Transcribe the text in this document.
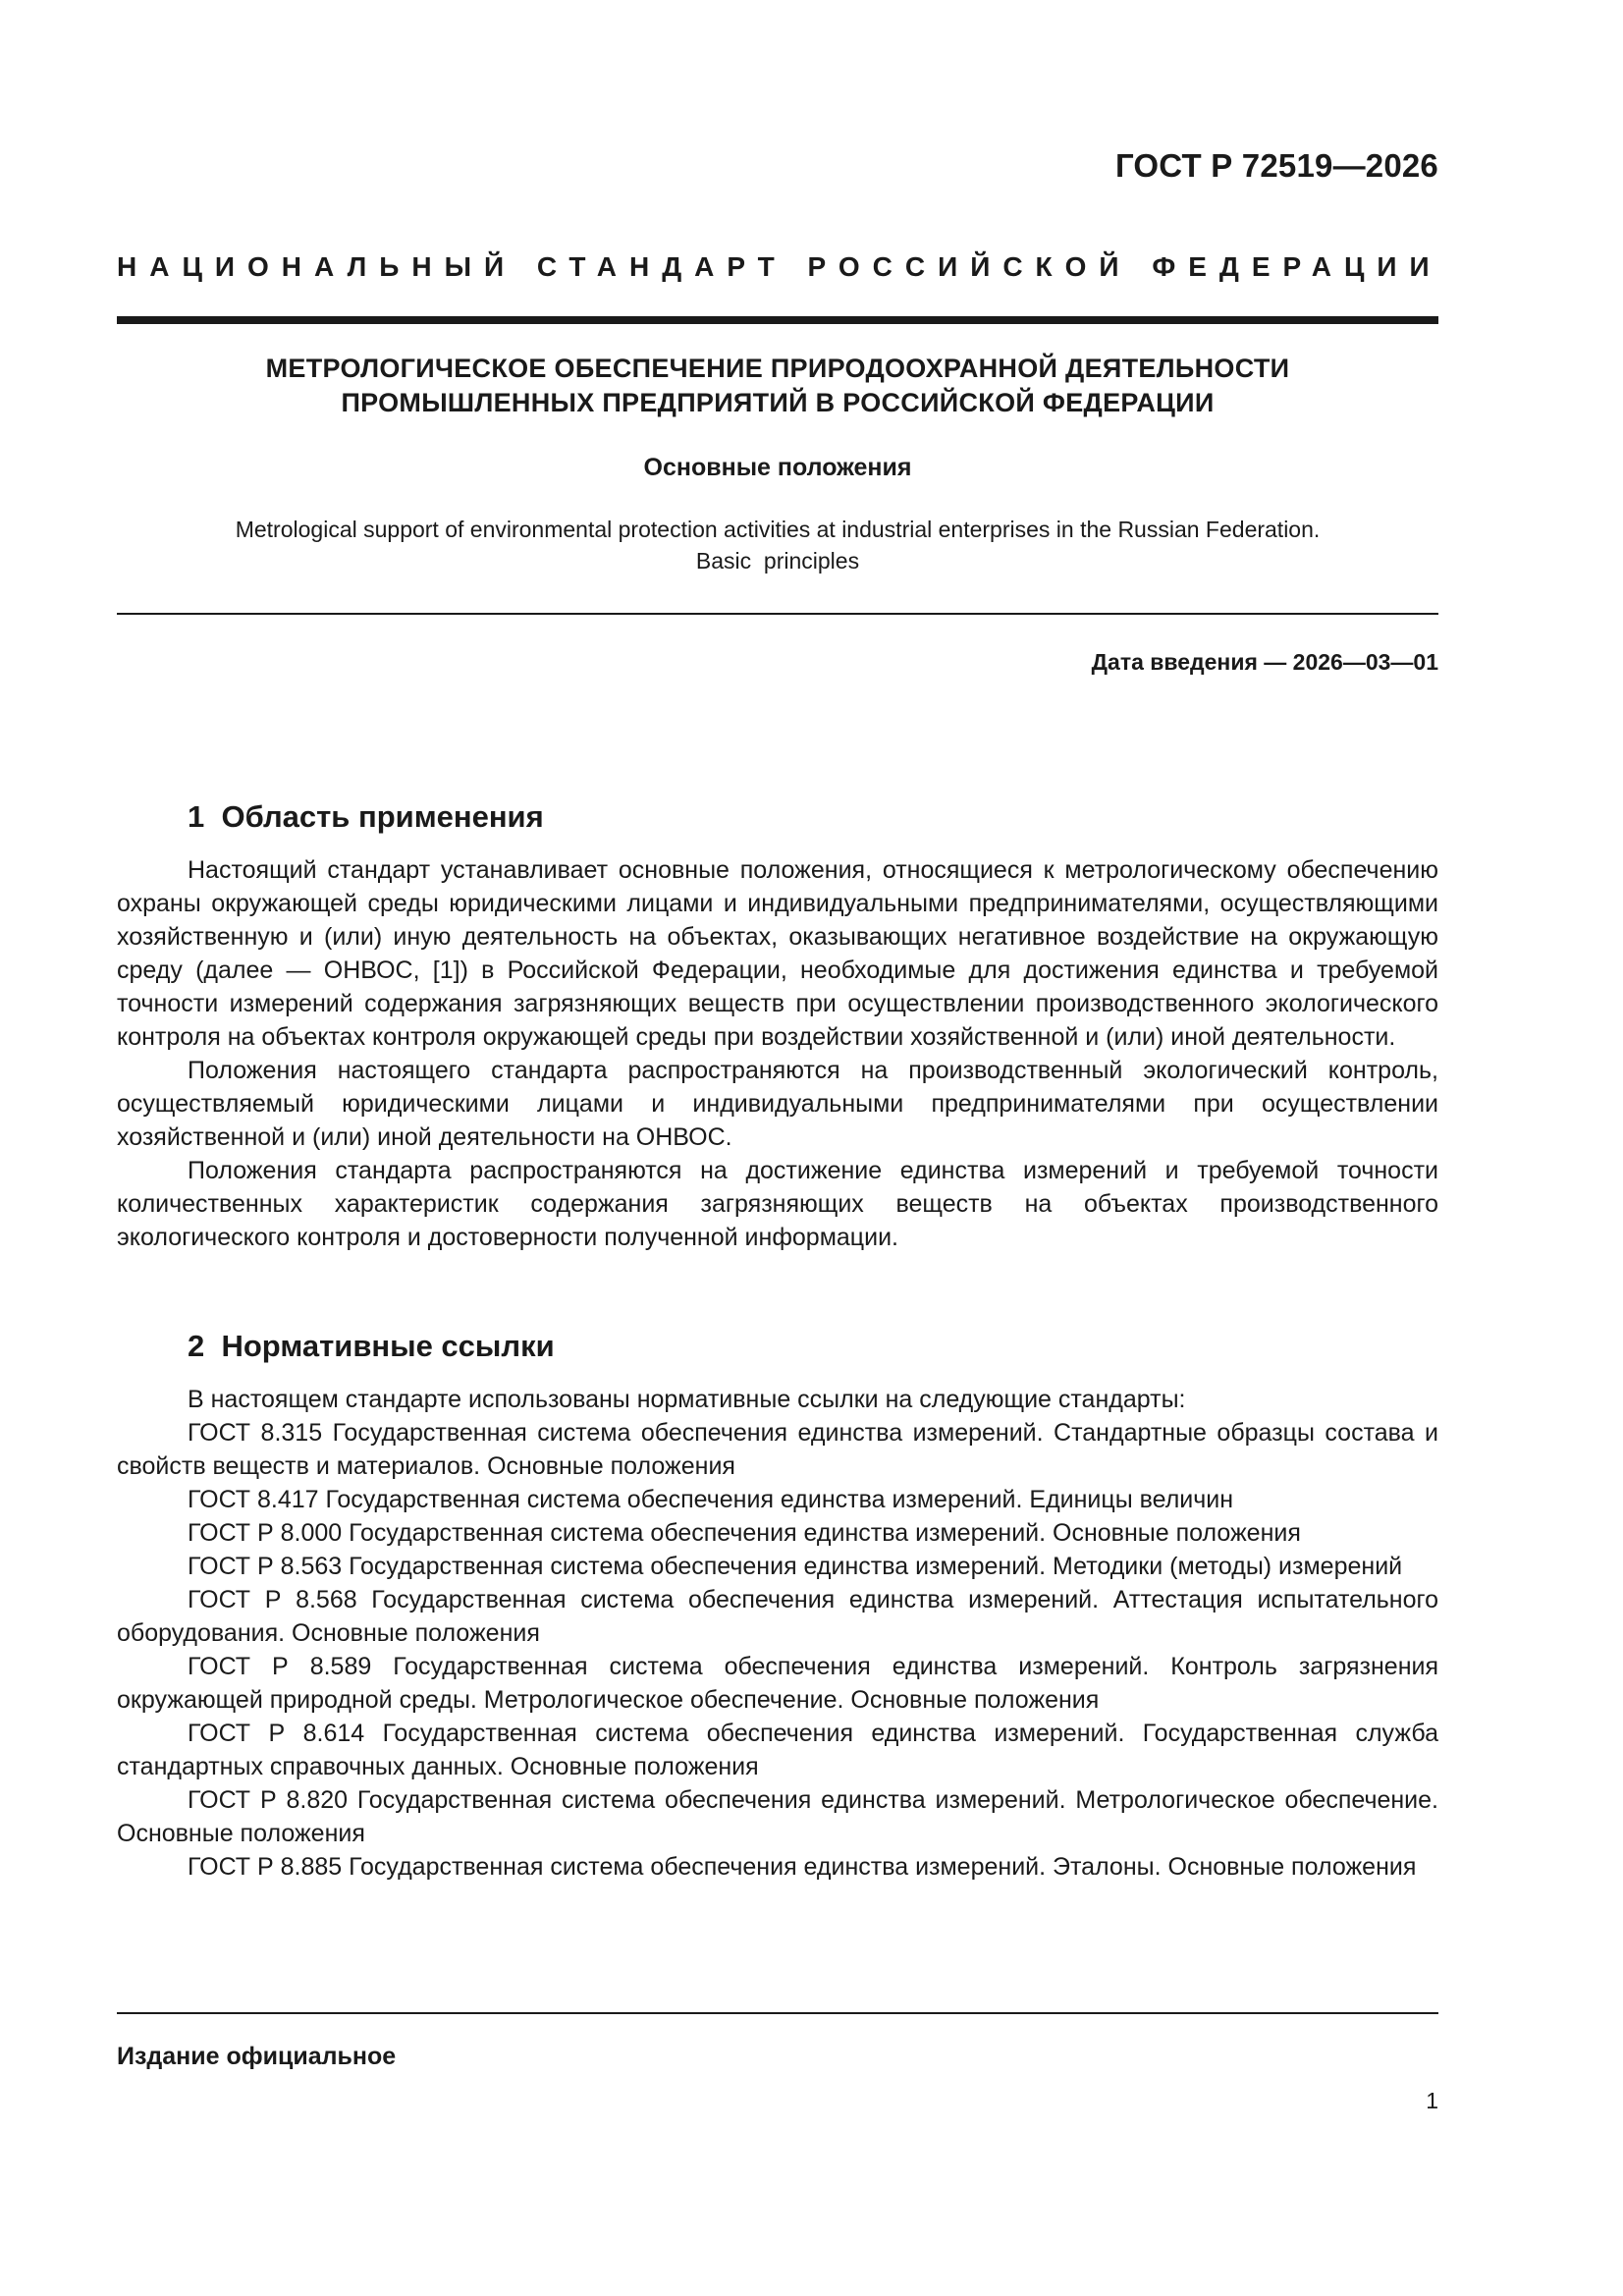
ГОСТ Р 72519—2026
НАЦИОНАЛЬНЫЙ СТАНДАРТ РОССИЙСКОЙ ФЕДЕРАЦИИ
МЕТРОЛОГИЧЕСКОЕ ОБЕСПЕЧЕНИЕ ПРИРОДООХРАННОЙ ДЕЯТЕЛЬНОСТИ
ПРОМЫШЛЕННЫХ ПРЕДПРИЯТИЙ В РОССИЙСКОЙ ФЕДЕРАЦИИ
Основные положения
Metrological support of environmental protection activities at industrial enterprises in the Russian Federation.
Basic  principles
Дата введения — 2026—03—01
1  Область применения

Настоящий стандарт устанавливает основные положения, относящиеся к метрологическому обеспечению охраны окружающей среды юридическими лицами и индивидуальными предпринимателями, осуществляющими хозяйственную и (или) иную деятельность на объектах, оказывающих негативное воздействие на окружающую среду (далее — ОНВОС, [1]) в Российской Федерации, необходимые для достижения единства и требуемой точности измерений содержания загрязняющих веществ при осуществлении производственного экологического контроля на объектах контроля окружающей среды при воздействии хозяйственной и (или) иной деятельности.

Положения настоящего стандарта распространяются на производственный экологический контроль, осуществляемый юридическими лицами и индивидуальными предпринимателями при осуществлении хозяйственной и (или) иной деятельности на ОНВОС.

Положения стандарта распространяются на достижение единства измерений и требуемой точности количественных характеристик содержания загрязняющих веществ на объектах производственного экологического контроля и достоверности полученной информации.

2  Нормативные ссылки

В настоящем стандарте использованы нормативные ссылки на следующие стандарты:

ГОСТ 8.315 Государственная система обеспечения единства измерений. Стандартные образцы состава и свойств веществ и материалов. Основные положения

ГОСТ 8.417 Государственная система обеспечения единства измерений. Единицы величин

ГОСТ Р 8.000 Государственная система обеспечения единства измерений. Основные положения

ГОСТ Р 8.563 Государственная система обеспечения единства измерений. Методики (методы) измерений

ГОСТ Р 8.568 Государственная система обеспечения единства измерений. Аттестация испытательного оборудования. Основные положения

ГОСТ Р 8.589 Государственная система обеспечения единства измерений. Контроль загрязнения окружающей природной среды. Метрологическое обеспечение. Основные положения

ГОСТ Р 8.614 Государственная система обеспечения единства измерений. Государственная служба стандартных справочных данных. Основные положения

ГОСТ Р 8.820 Государственная система обеспечения единства измерений. Метрологическое обеспечение. Основные положения

ГОСТ Р 8.885 Государственная система обеспечения единства измерений. Эталоны. Основные положения

Издание официальное
1
